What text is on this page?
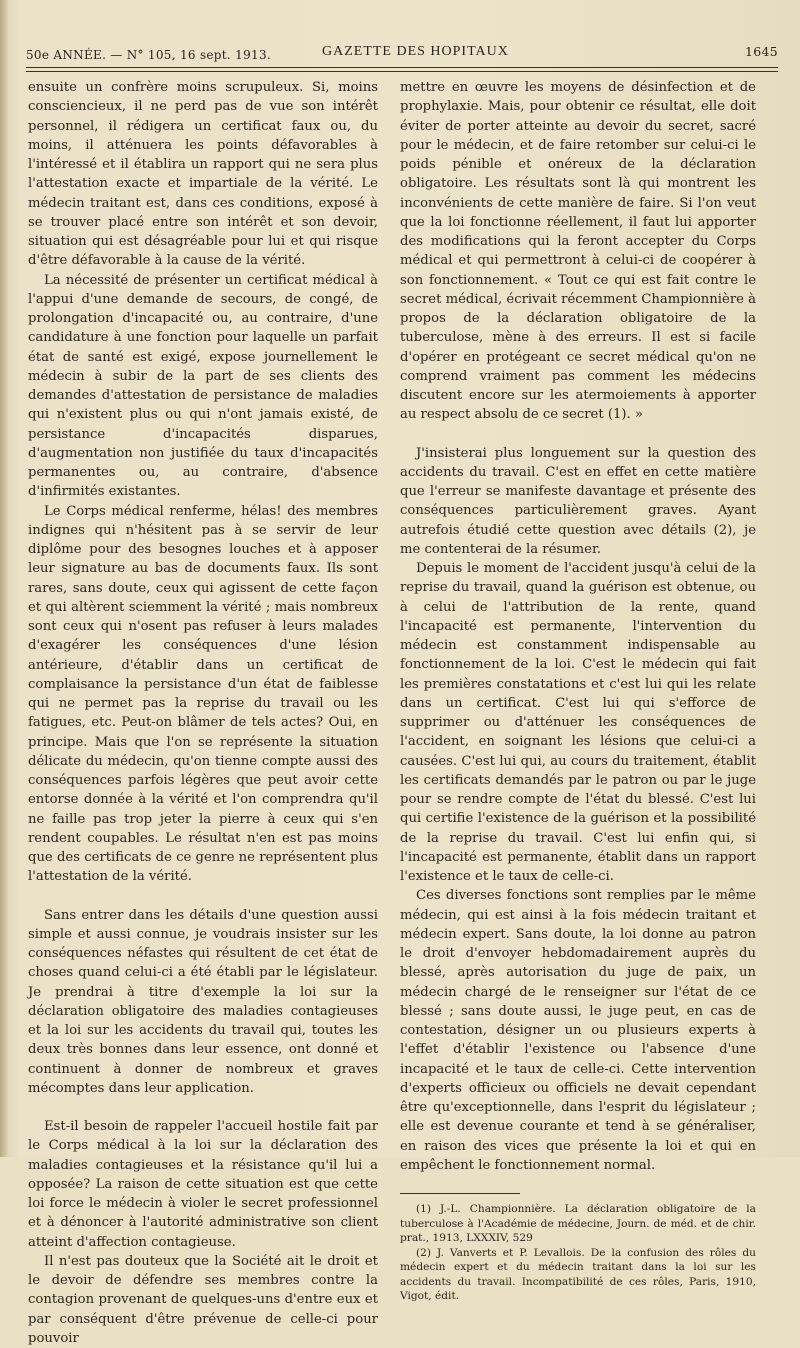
50e ANNÉE. — N° 105, 16 sept. 1913.	GAZETTE DES HOPITAUX	1645

ensuite un confrère moins scrupuleux. Si, moins consciencieux, il ne perd pas de vue son intérêt personnel, il rédigera un certificat faux ou, du moins, il atténuera les points défavorables à l'intéressé et il établira un rapport qui ne sera plus l'attestation exacte et impartiale de la vérité. Le médecin traitant est, dans ces conditions, exposé à se trouver placé entre son intérêt et son devoir, situation qui est désagréable pour lui et qui risque d'être défavorable à la cause de la vérité.

La nécessité de présenter un certificat médical à l'appui d'une demande de secours, de congé, de prolongation d'incapacité ou, au contraire, d'une candidature à une fonction pour laquelle un parfait état de santé est exigé, expose journellement le médecin à subir de la part de ses clients des demandes d'attestation de persistance de maladies qui n'existent plus ou qui n'ont jamais existé, de persistance d'incapacités disparues, d'augmentation non justifiée du taux d'incapacités permanentes ou, au contraire, d'absence d'infirmités existantes.

Le Corps médical renferme, hélas! des membres indignes qui n'hésitent pas à se servir de leur diplôme pour des besognes louches et à apposer leur signature au bas de documents faux. Ils sont rares, sans doute, ceux qui agissent de cette façon et qui altèrent sciemment la vérité ; mais nombreux sont ceux qui n'osent pas refuser à leurs malades d'exagérer les conséquences d'une lésion antérieure, d'établir dans un certificat de complaisance la persistance d'un état de faiblesse qui ne permet pas la reprise du travail ou les fatigues, etc. Peut-on blâmer de tels actes? Oui, en principe. Mais que l'on se représente la situation délicate du médecin, qu'on tienne compte aussi des conséquences parfois légères que peut avoir cette entorse donnée à la vérité et l'on comprendra qu'il ne faille pas trop jeter la pierre à ceux qui s'en rendent coupables. Le résultat n'en est pas moins que des certificats de ce genre ne représentent plus l'attestation de la vérité.

Sans entrer dans les détails d'une question aussi simple et aussi connue, je voudrais insister sur les conséquences néfastes qui résultent de cet état de choses quand celui-ci a été établi par le législateur. Je prendrai à titre d'exemple la loi sur la déclaration obligatoire des maladies contagieuses et la loi sur les accidents du travail qui, toutes les deux très bonnes dans leur essence, ont donné et continuent à donner de nombreux et graves mécomptes dans leur application.

Est-il besoin de rappeler l'accueil hostile fait par le Corps médical à la loi sur la déclaration des maladies contagieuses et la résistance qu'il lui a opposée? La raison de cette situation est que cette loi force le médecin à violer le secret professionnel et à dénoncer à l'autorité administrative son client atteint d'affection contagieuse.

Il n'est pas douteux que la Société ait le droit et le devoir de défendre ses membres contre la contagion provenant de quelques-uns d'entre eux et par conséquent d'être prévenue de celle-ci pour pouvoir

mettre en œuvre les moyens de désinfection et de prophylaxie. Mais, pour obtenir ce résultat, elle doit éviter de porter atteinte au devoir du secret, sacré pour le médecin, et de faire retomber sur celui-ci le poids pénible et onéreux de la déclaration obligatoire. Les résultats sont là qui montrent les inconvénients de cette manière de faire. Si l'on veut que la loi fonctionne réellement, il faut lui apporter des modifications qui la feront accepter du Corps médical et qui permettront à celui-ci de coopérer à son fonctionnement. « Tout ce qui est fait contre le secret médical, écrivait récemment Championnière à propos de la déclaration obligatoire de la tuberculose, mène à des erreurs. Il est si facile d'opérer en protégeant ce secret médical qu'on ne comprend vraiment pas comment les médecins discutent encore sur les atermoiements à apporter au respect absolu de ce secret (1). »

J'insisterai plus longuement sur la question des accidents du travail. C'est en effet en cette matière que l'erreur se manifeste davantage et présente des conséquences particulièrement graves. Ayant autrefois étudié cette question avec détails (2), je me contenterai de la résumer.

Depuis le moment de l'accident jusqu'à celui de la reprise du travail, quand la guérison est obtenue, ou à celui de l'attribution de la rente, quand l'incapacité est permanente, l'intervention du médecin est constamment indispensable au fonctionnement de la loi. C'est le médecin qui fait les premières constatations et c'est lui qui les relate dans un certificat. C'est lui qui s'efforce de supprimer ou d'atténuer les conséquences de l'accident, en soignant les lésions que celui-ci a causées. C'est lui qui, au cours du traitement, établit les certificats demandés par le patron ou par le juge pour se rendre compte de l'état du blessé. C'est lui qui certifie l'existence de la guérison et la possibilité de la reprise du travail. C'est lui enfin qui, si l'incapacité est permanente, établit dans un rapport l'existence et le taux de celle-ci.

Ces diverses fonctions sont remplies par le même médecin, qui est ainsi à la fois médecin traitant et médecin expert. Sans doute, la loi donne au patron le droit d'envoyer hebdomadairement auprès du blessé, après autorisation du juge de paix, un médecin chargé de le renseigner sur l'état de ce blessé ; sans doute aussi, le juge peut, en cas de contestation, désigner un ou plusieurs experts à l'effet d'établir l'existence ou l'absence d'une incapacité et le taux de celle-ci. Cette intervention d'experts officieux ou officiels ne devait cependant être qu'exceptionnelle, dans l'esprit du législateur ; elle est devenue courante et tend à se généraliser, en raison des vices que présente la loi et qui en empêchent le fonctionnement normal.

(1) J.-L. Championnière. La déclaration obligatoire de la tuberculose à l'Académie de médecine, Journ. de méd. et de chir. prat., 1913, LXXXIV, 529

(2) J. Vanverts et P. Levallois. De la confusion des rôles du médecin expert et du médecin traitant dans la loi sur les accidents du travail. Incompatibilité de ces rôles, Paris, 1910, Vigot, édit.
